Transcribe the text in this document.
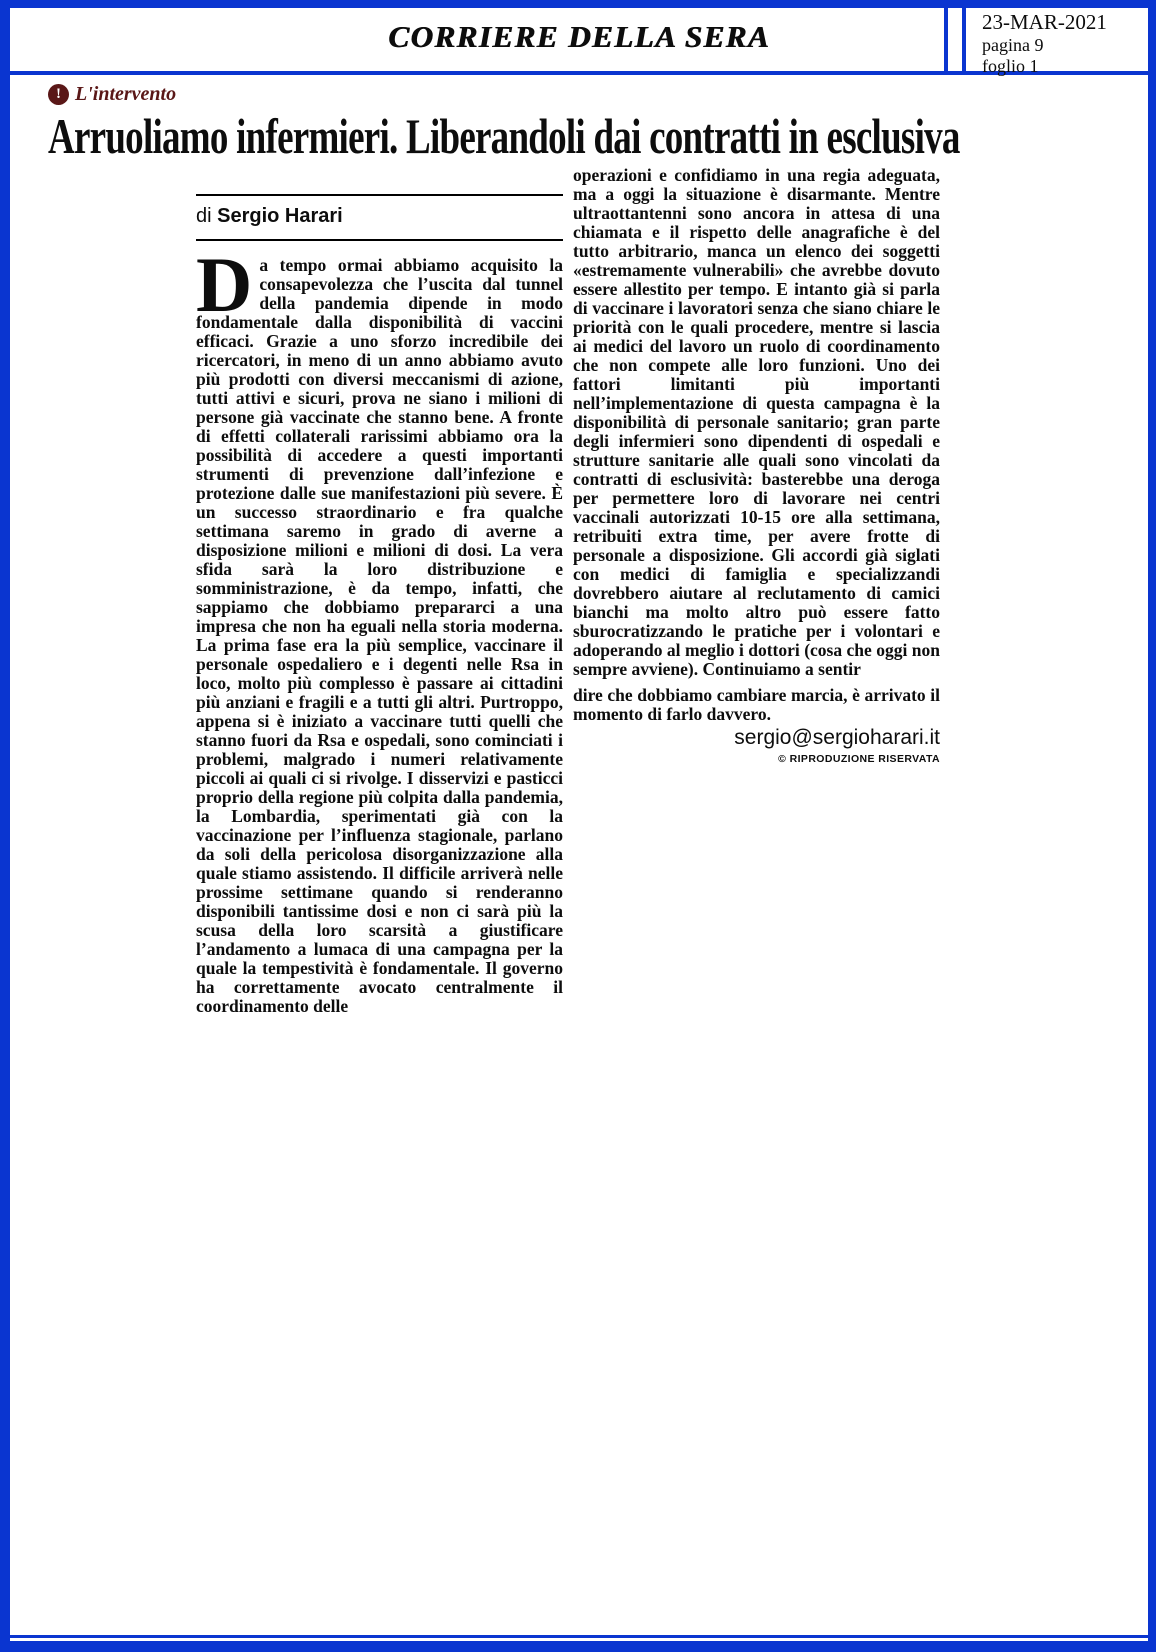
CORRIERE DELLA SERA	23-MAR-2021
pagina 9
foglio 1
! L'intervento
Arruoliamo infermieri. Liberandoli dai contratti in esclusiva
di Sergio Harari
Da tempo ormai abbiamo acquisito la consapevolezza che l’uscita dal tunnel della pandemia dipende in modo fondamentale dalla disponibilità di vaccini efficaci. Grazie a uno sforzo incredibile dei ricercatori, in meno di un anno abbiamo avuto più prodotti con diversi meccanismi di azione, tutti attivi e sicuri, prova ne siano i milioni di persone già vaccinate che stanno bene. A fronte di effetti collaterali rarissimi abbiamo ora la possibilità di accedere a questi importanti strumenti di prevenzione dall’infezione e protezione dalle sue manifestazioni più severe. È un successo straordinario e fra qualche settimana saremo in grado di averne a disposizione milioni e milioni di dosi. La vera sfida sarà la loro distribuzione e somministrazione, è da tempo, infatti, che sappiamo che dobbiamo prepararci a una impresa che non ha eguali nella storia moderna. La prima fase era la più semplice, vaccinare il personale ospedaliero e i degenti nelle Rsa in loco, molto più complesso è passare ai cittadini più anziani e fragili e a tutti gli altri. Purtroppo, appena si è iniziato a vaccinare tutti quelli che stanno fuori da Rsa e ospedali, sono cominciati i problemi, malgrado i numeri relativamente piccoli ai quali ci si rivolge. I disservizi e pasticci proprio della regione più colpita dalla pandemia, la Lombardia, sperimentati già con la vaccinazione per l’influenza stagionale, parlano da soli della pericolosa disorganizzazione alla quale stiamo assistendo. Il difficile arriverà nelle prossime settimane quando si renderanno disponibili tantissime dosi e non ci sarà più la scusa della loro scarsità a giustificare l’andamento a lumaca di una campagna per la quale la tempestività è fondamentale. Il governo ha correttamente avocato centralmente il coordinamento delle

operazioni e confidiamo in una regia adeguata, ma a oggi la situazione è disarmante. Mentre ultraottantenni sono ancora in attesa di una chiamata e il rispetto delle anagrafiche è del tutto arbitrario, manca un elenco dei soggetti «estremamente vulnerabili» che avrebbe dovuto essere allestito per tempo. E intanto già si parla di vaccinare i lavoratori senza che siano chiare le priorità con le quali procedere, mentre si lascia ai medici del lavoro un ruolo di coordinamento che non compete alle loro funzioni. Uno dei fattori limitanti più importanti nell’implementazione di questa campagna è la disponibilità di personale sanitario; gran parte degli infermieri sono dipendenti di ospedali e strutture sanitarie alle quali sono vincolati da contratti di esclusività: basterebbe una deroga per permettere loro di lavorare nei centri vaccinali autorizzati 10-15 ore alla settimana, retribuiti extra time, per avere frotte di personale a disposizione. Gli accordi già siglati con medici di famiglia e specializzandi dovrebbero aiutare al reclutamento di camici bianchi ma molto altro può essere fatto sburocratizzando le pratiche per i volontari e adoperando al meglio i dottori (cosa che oggi non sempre avviene). Continuiamo a sentir

dire che dobbiamo cambiare marcia, è arrivato il momento di farlo davvero.

sergio@sergioharari.it
© RIPRODUZIONE RISERVATA
